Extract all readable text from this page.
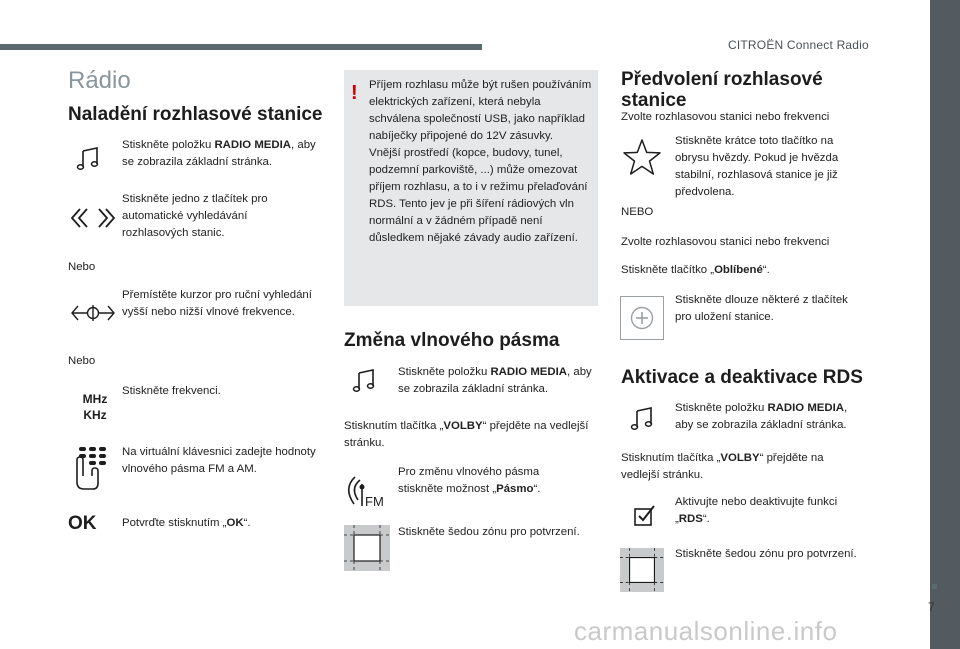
CITROËN Connect Radio
7
carmanualsonline.info
Rádio
Naladění rozhlasové stanice
Stiskněte položku RADIO MEDIA, aby se zobrazila základní stránka.
Stiskněte jedno z tlačítek pro automatické vyhledávání rozhlasových stanic.
Nebo
Přemístěte kurzor pro ruční vyhledání vyšší nebo nižší vlnové frekvence.
Nebo
MHz
KHz
Stiskněte frekvenci.
Na virtuální klávesnici zadejte hodnoty vlnového pásma FM a AM.
OK Potvrďte stisknutím „OK“.
! Příjem rozhlasu může být rušen používáním elektrických zařízení, která nebyla schválena společností USB, jako například nabíječky připojené do 12V zásuvky.
Vnější prostředí (kopce, budovy, tunel, podzemní parkoviště, ...) může omezovat příjem rozhlasu, a to i v režimu přelaďování RDS. Tento jev je při šíření rádiových vln normální a v žádném případě není důsledkem nějaké závady audio zařízení.
Změna vlnového pásma
Stiskněte položku RADIO MEDIA, aby se zobrazila základní stránka.
Stisknutím tlačítka „VOLBY“ přejděte na vedlejší stránku.
FM
Pro změnu vlnového pásma stiskněte možnost „Pásmo“.
Stiskněte šedou zónu pro potvrzení.
Předvolení rozhlasové stanice
Zvolte rozhlasovou stanici nebo frekvenci
Stiskněte krátce toto tlačítko na obrysu hvězdy. Pokud je hvězda stabilní, rozhlasová stanice je již předvolena.
NEBO
Zvolte rozhlasovou stanici nebo frekvenci
Stiskněte tlačítko „Oblíbené“.
Stiskněte dlouze některé z tlačítek pro uložení stanice.
Aktivace a deaktivace RDS
Stiskněte položku RADIO MEDIA, aby se zobrazila základní stránka.
Stisknutím tlačítka „VOLBY“ přejděte na vedlejší stránku.
Aktivujte nebo deaktivujte funkci „RDS“.
Stiskněte šedou zónu pro potvrzení.
